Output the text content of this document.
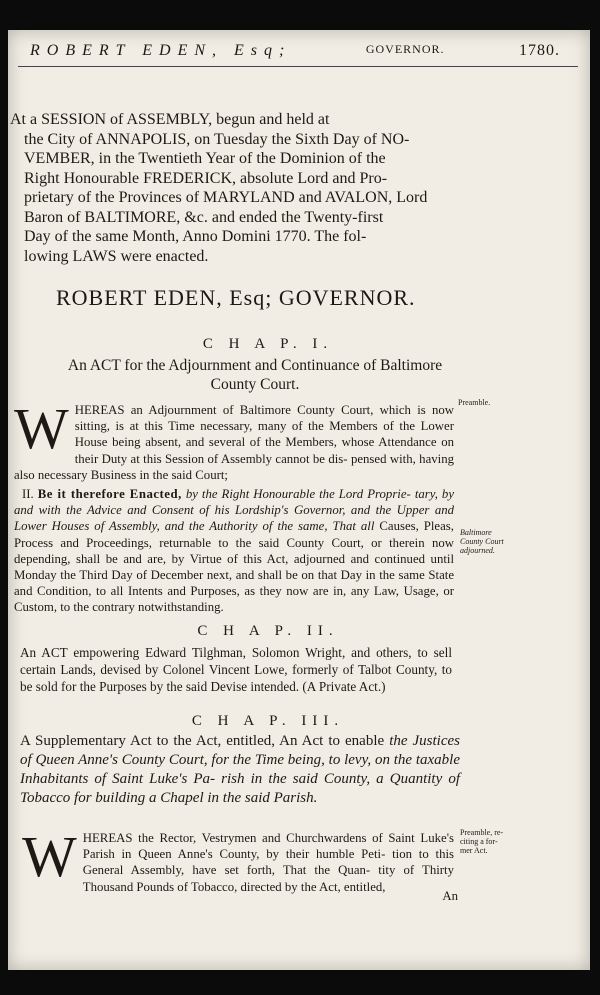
ROBERT EDEN, Esq;	GOVERNOR.	1780.
At a SESSION of ASSEMBLY, begun and held at

the City of ANNAPOLIS, on Tuesday the Sixth Day of NO-
VEMBER, in the Twentieth Year of the Dominion of the
Right Honourable FREDERICK, absolute Lord and Pro-
prietary of the Provinces of MARYLAND and AVALON, Lord
Baron of BALTIMORE, &c. and ended the Twenty-first
Day of the same Month, Anno Domini 1770. The fol-
lowing LAWS were enacted.
ROBERT EDEN, Esq; GOVERNOR.
C H A P. I.
An ACT for the Adjournment and Continuance of Baltimore
County Court.
W HEREAS an Adjournment of Baltimore County Court, which is now sitting, is at this Time necessary, many of the Members of the Lower House being absent, and several of the Members, whose Attendance on their Duty at this Session of Assembly cannot be dis- pensed with, having also necessary Business in the said Court;
Preamble.
II. Be it therefore Enacted, by the Right Honourable the Lord Proprie- tary, by and with the Advice and Consent of his Lordship's Governor, and the Upper and Lower Houses of Assembly, and the Authority of the same, That all Causes, Pleas, Process and Proceedings, returnable to the said County Court, or therein now depending, shall be and are, by Virtue of this Act, adjourned and continued until Monday the Third Day of December next, and shall be on that Day in the same State and Condition, to all Intents and Purposes, as they now are in, any Law, Usage, or Custom, to the contrary notwithstanding.
Baltimore
County Court
adjourned.
C H A P. II.
An ACT empowering Edward Tilghman, Solomon Wright, and others, to sell certain Lands, devised by Colonel Vincent Lowe, formerly of Talbot County, to be sold for the Purposes by the said Devise intended. (A Private Act.)
C H A P. III.
A Supplementary Act to the Act, entitled, An Act to enable the Justices of Queen Anne's County Court, for the Time being, to levy, on the taxable Inhabitants of Saint Luke's Pa- rish in the said County, a Quantity of Tobacco for building a Chapel in the said Parish.
W HEREAS the Rector, Vestrymen and Churchwardens of Saint Luke's Parish in Queen Anne's County, by their humble Peti- tion to this General Assembly, have set forth, That the Quan- tity of Thirty Thousand Pounds of Tobacco, directed by the Act, entitled,
Preamble, re-
citing a for-
mer Act.
An
